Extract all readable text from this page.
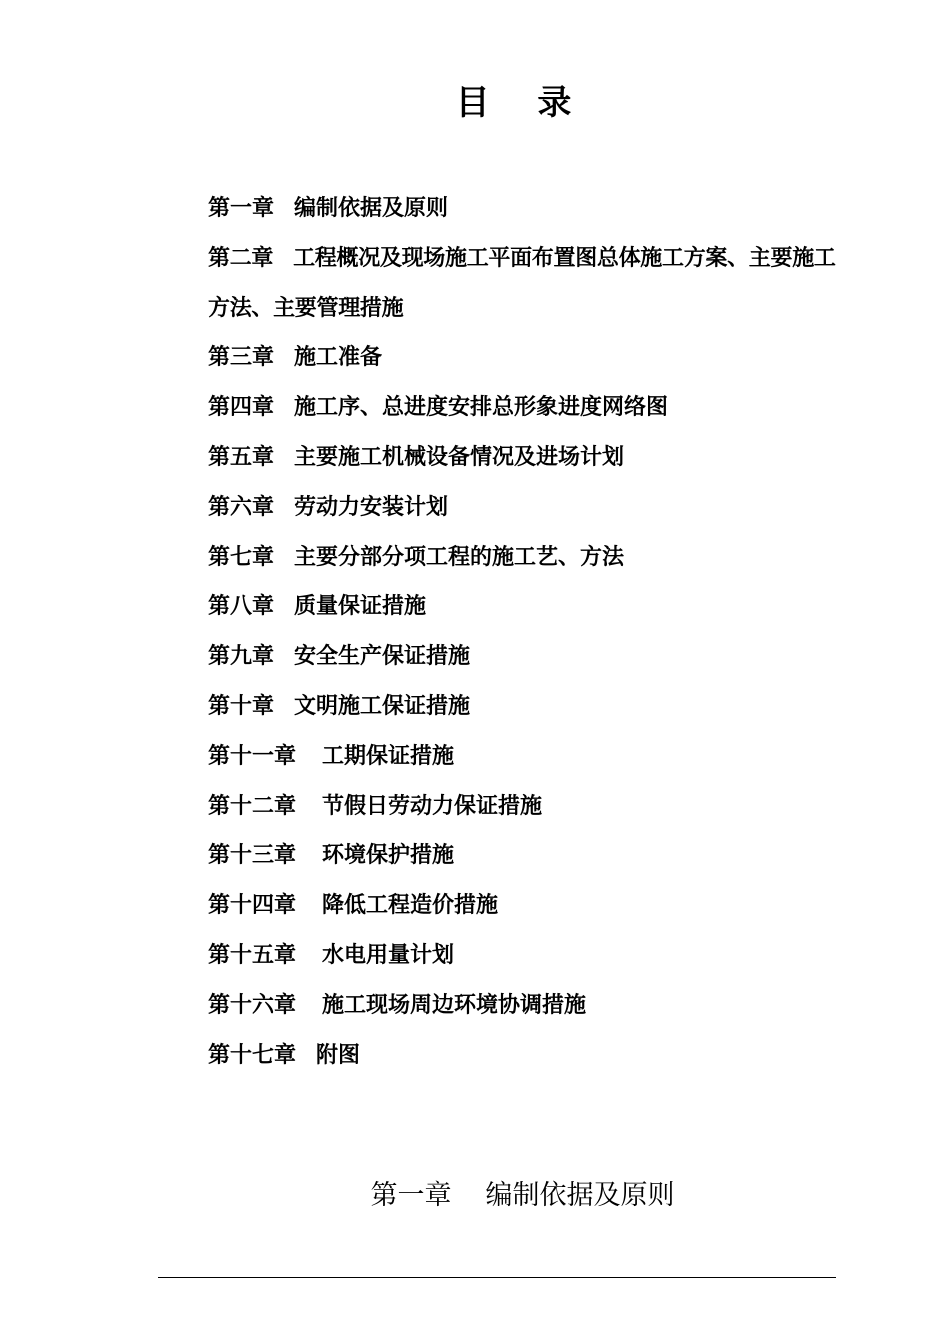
目 录
第一章 编制依据及原则
第二章 工程概况及现场施工平面布置图总体施工方案、主要施工方法、主要管理措施
第三章 施工准备
第四章 施工序、总进度安排总形象进度网络图
第五章 主要施工机械设备情况及进场计划
第六章 劳动力安装计划
第七章 主要分部分项工程的施工艺、方法
第八章 质量保证措施
第九章 安全生产保证措施
第十章 文明施工保证措施
第十一章 工期保证措施
第十二章 节假日劳动力保证措施
第十三章 环境保护措施
第十四章 降低工程造价措施
第十五章 水电用量计划
第十六章 施工现场周边环境协调措施
第十七章 附图
第一章 编制依据及原则
